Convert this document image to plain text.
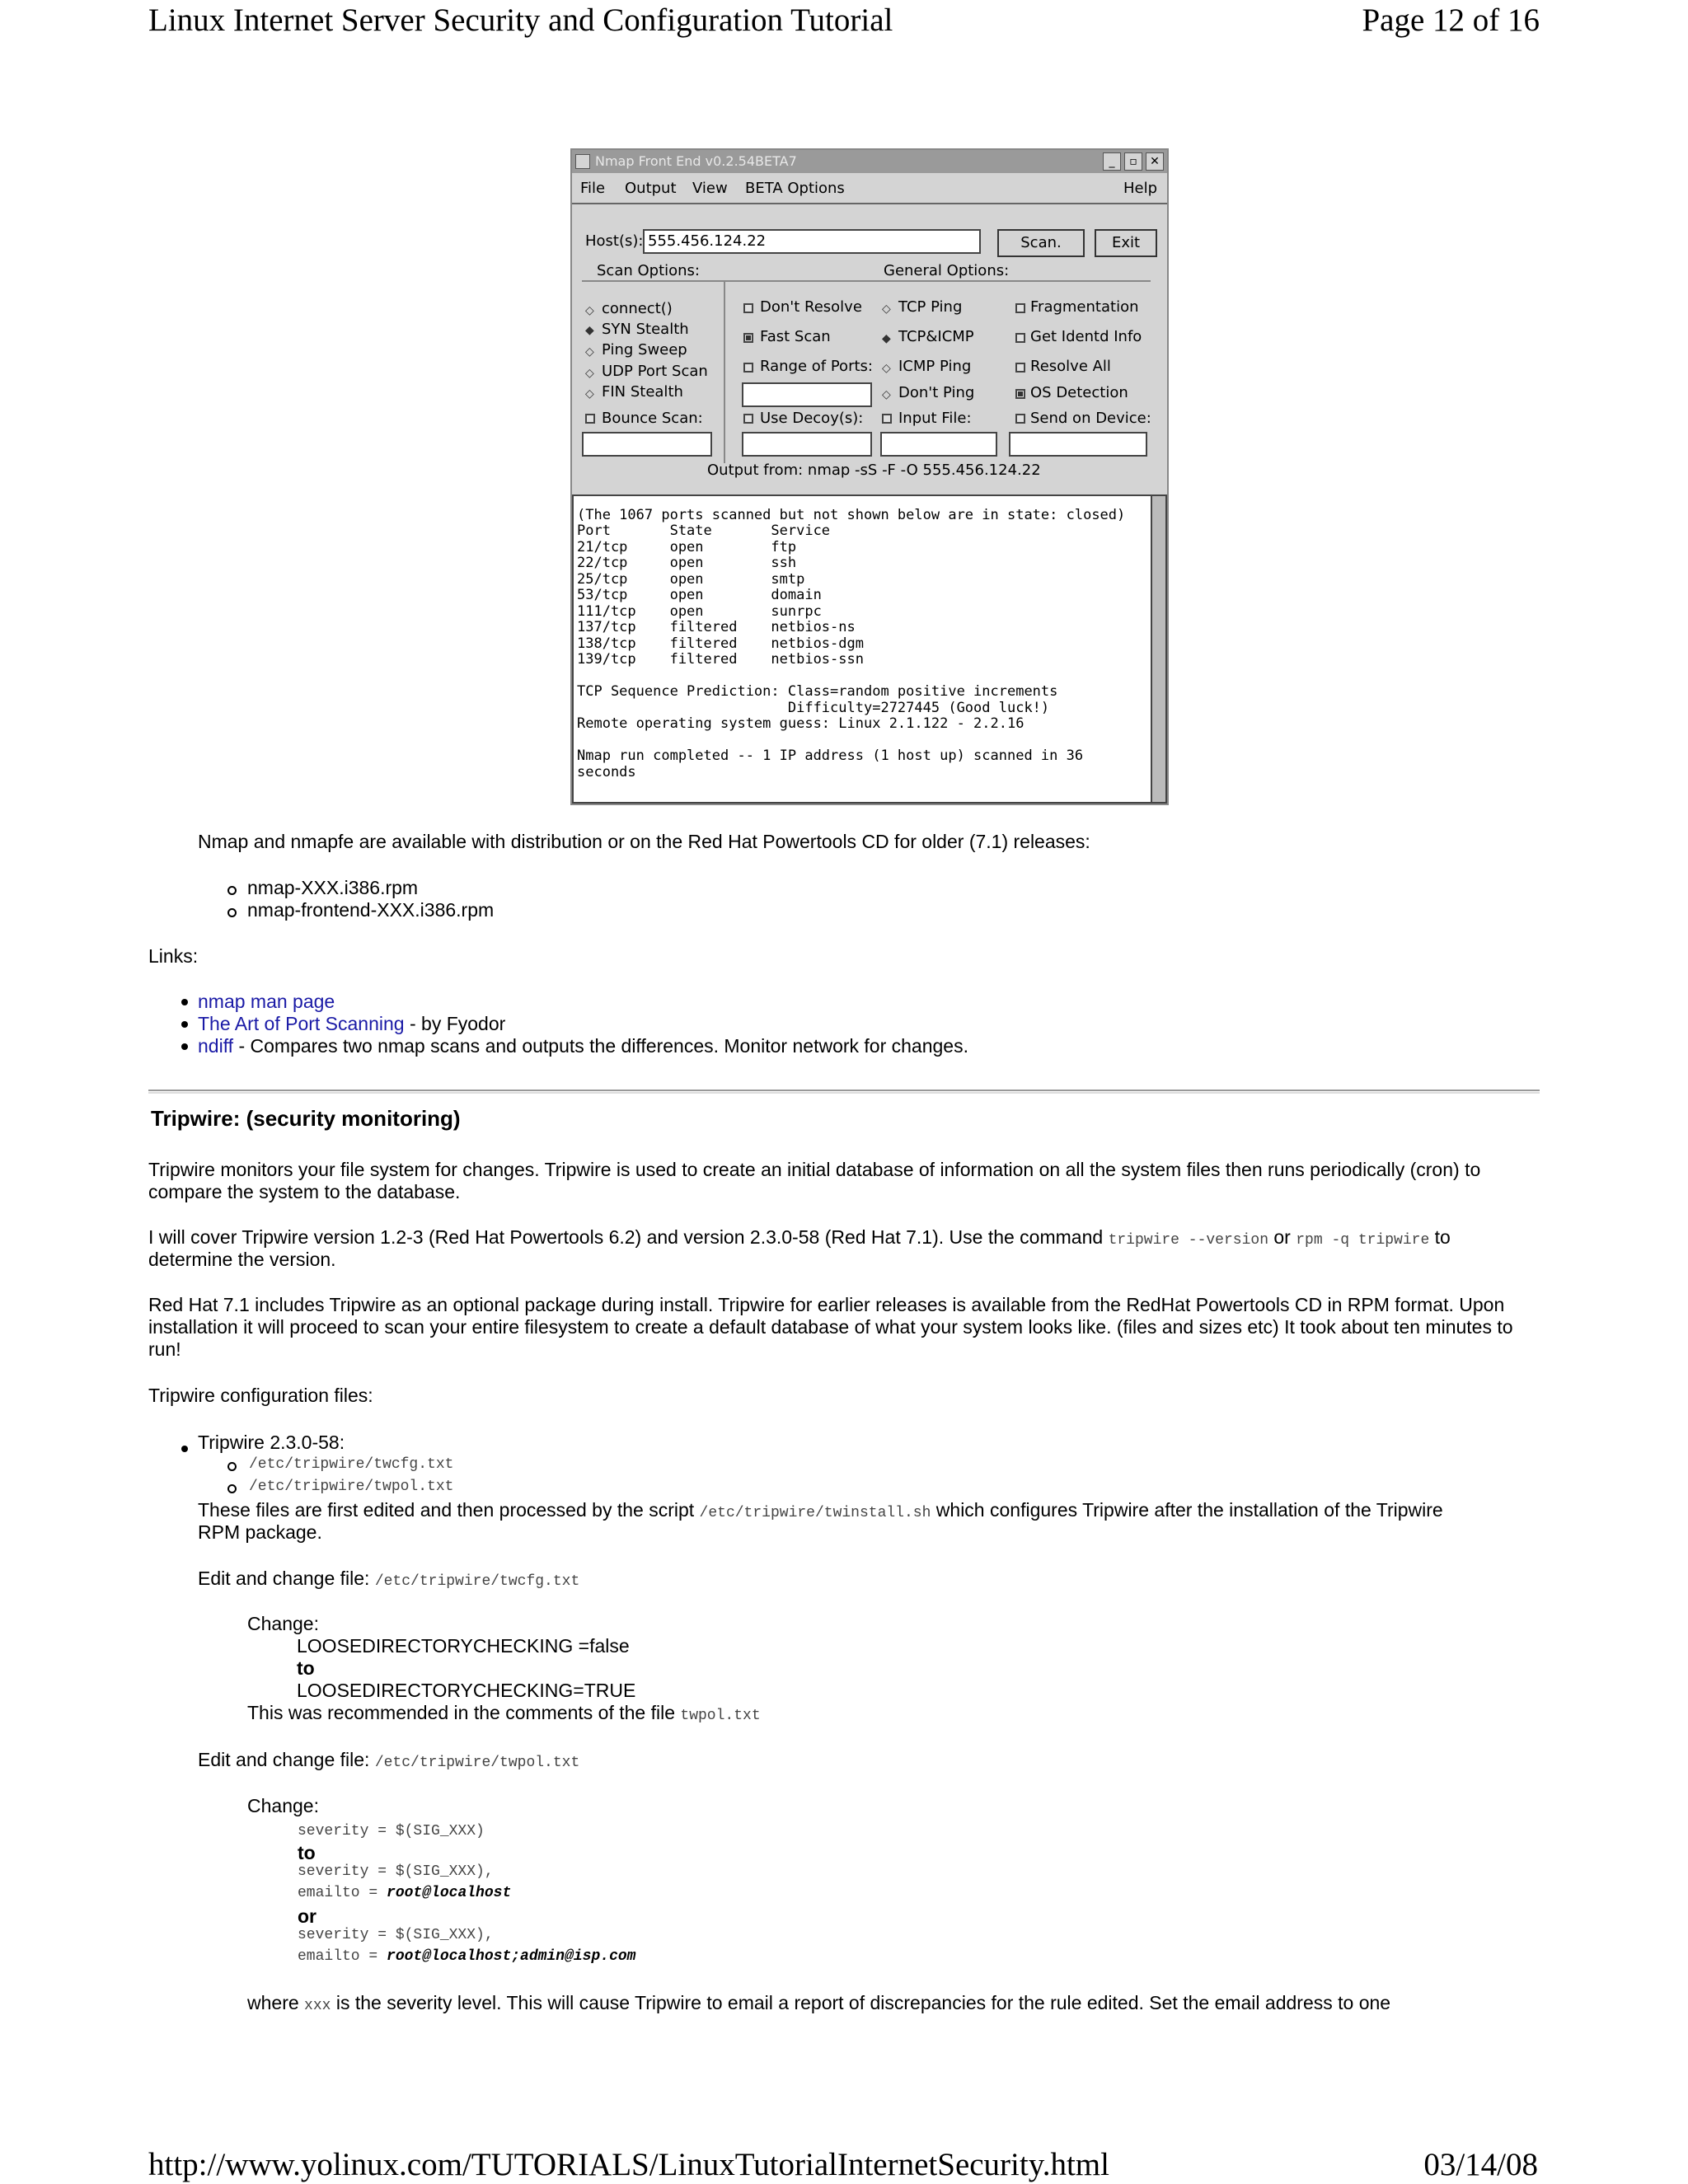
Linux Internet Server Security and Configuration Tutorial	Page 12 of 16
http://www.yolinux.com/TUTORIALS/LinuxTutorialInternetSecurity.html	03/14/08
Nmap Front End v0.2.54BETA7	_	▫	✕
File Output View BETA Options	Help
Host(s): 555.456.124.22	Scan.	Exit
Scan Options:	General Options:
◇ connect()
◆ SYN Stealth
◇ Ping Sweep
◇ UDP Port Scan
◇ FIN Stealth
Bounce Scan:
Don't Resolve
Fast Scan
Range of Ports:
Use Decoy(s):
◇ TCP Ping
◆ TCP&ICMP
◇ ICMP Ping
◇ Don't Ping
Input File:
Fragmentation
Get Identd Info
Resolve All
OS Detection
Send on Device:
Output from: nmap -sS -F -O 555.456.124.22
(The 1067 ports scanned but not shown below are in state: closed)
Port       State       Service
21/tcp     open        ftp
22/tcp     open        ssh
25/tcp     open        smtp
53/tcp     open        domain
111/tcp    open        sunrpc
137/tcp    filtered    netbios-ns
138/tcp    filtered    netbios-dgm
139/tcp    filtered    netbios-ssn
TCP Sequence Prediction: Class=random positive increments
Difficulty=2727445 (Good luck!)
Remote operating system guess: Linux 2.1.122 - 2.2.16
Nmap run completed -- 1 IP address (1 host up) scanned in 36
seconds
Nmap and nmapfe are available with distribution or on the Red Hat Powertools CD for older (7.1) releases:
nmap-XXX.i386.rpm
nmap-frontend-XXX.i386.rpm
Links:
nmap man page
The Art of Port Scanning - by Fyodor
ndiff - Compares two nmap scans and outputs the differences. Monitor network for changes.
Tripwire: (security monitoring)
Tripwire monitors your file system for changes. Tripwire is used to create an initial database of information on all the system files then runs periodically (cron) to compare the system to the database.
I will cover Tripwire version 1.2-3 (Red Hat Powertools 6.2) and version 2.3.0-58 (Red Hat 7.1). Use the command tripwire --version or rpm -q tripwire to
determine the version.
Red Hat 7.1 includes Tripwire as an optional package during install. Tripwire for earlier releases is available from the RedHat Powertools CD in RPM format. Upon installation it will proceed to scan your entire filesystem to create a default database of what your system looks like. (files and sizes etc) It took about ten minutes to run!
Tripwire configuration files:
Tripwire 2.3.0-58:
/etc/tripwire/twcfg.txt
/etc/tripwire/twpol.txt
These files are first edited and then processed by the script /etc/tripwire/twinstall.sh which configures Tripwire after the installation of the Tripwire
RPM package.
Edit and change file: /etc/tripwire/twcfg.txt
Change:
LOOSEDIRECTORYCHECKING =false
to
LOOSEDIRECTORYCHECKING=TRUE
This was recommended in the comments of the file twpol.txt
Edit and change file: /etc/tripwire/twpol.txt
Change:
severity = $(SIG_XXX)
to
severity = $(SIG_XXX),
emailto = root@localhost
or
severity = $(SIG_XXX),
emailto = root@localhost;admin@isp.com
where xxx is the severity level. This will cause Tripwire to email a report of discrepancies for the rule edited. Set the email address to one
